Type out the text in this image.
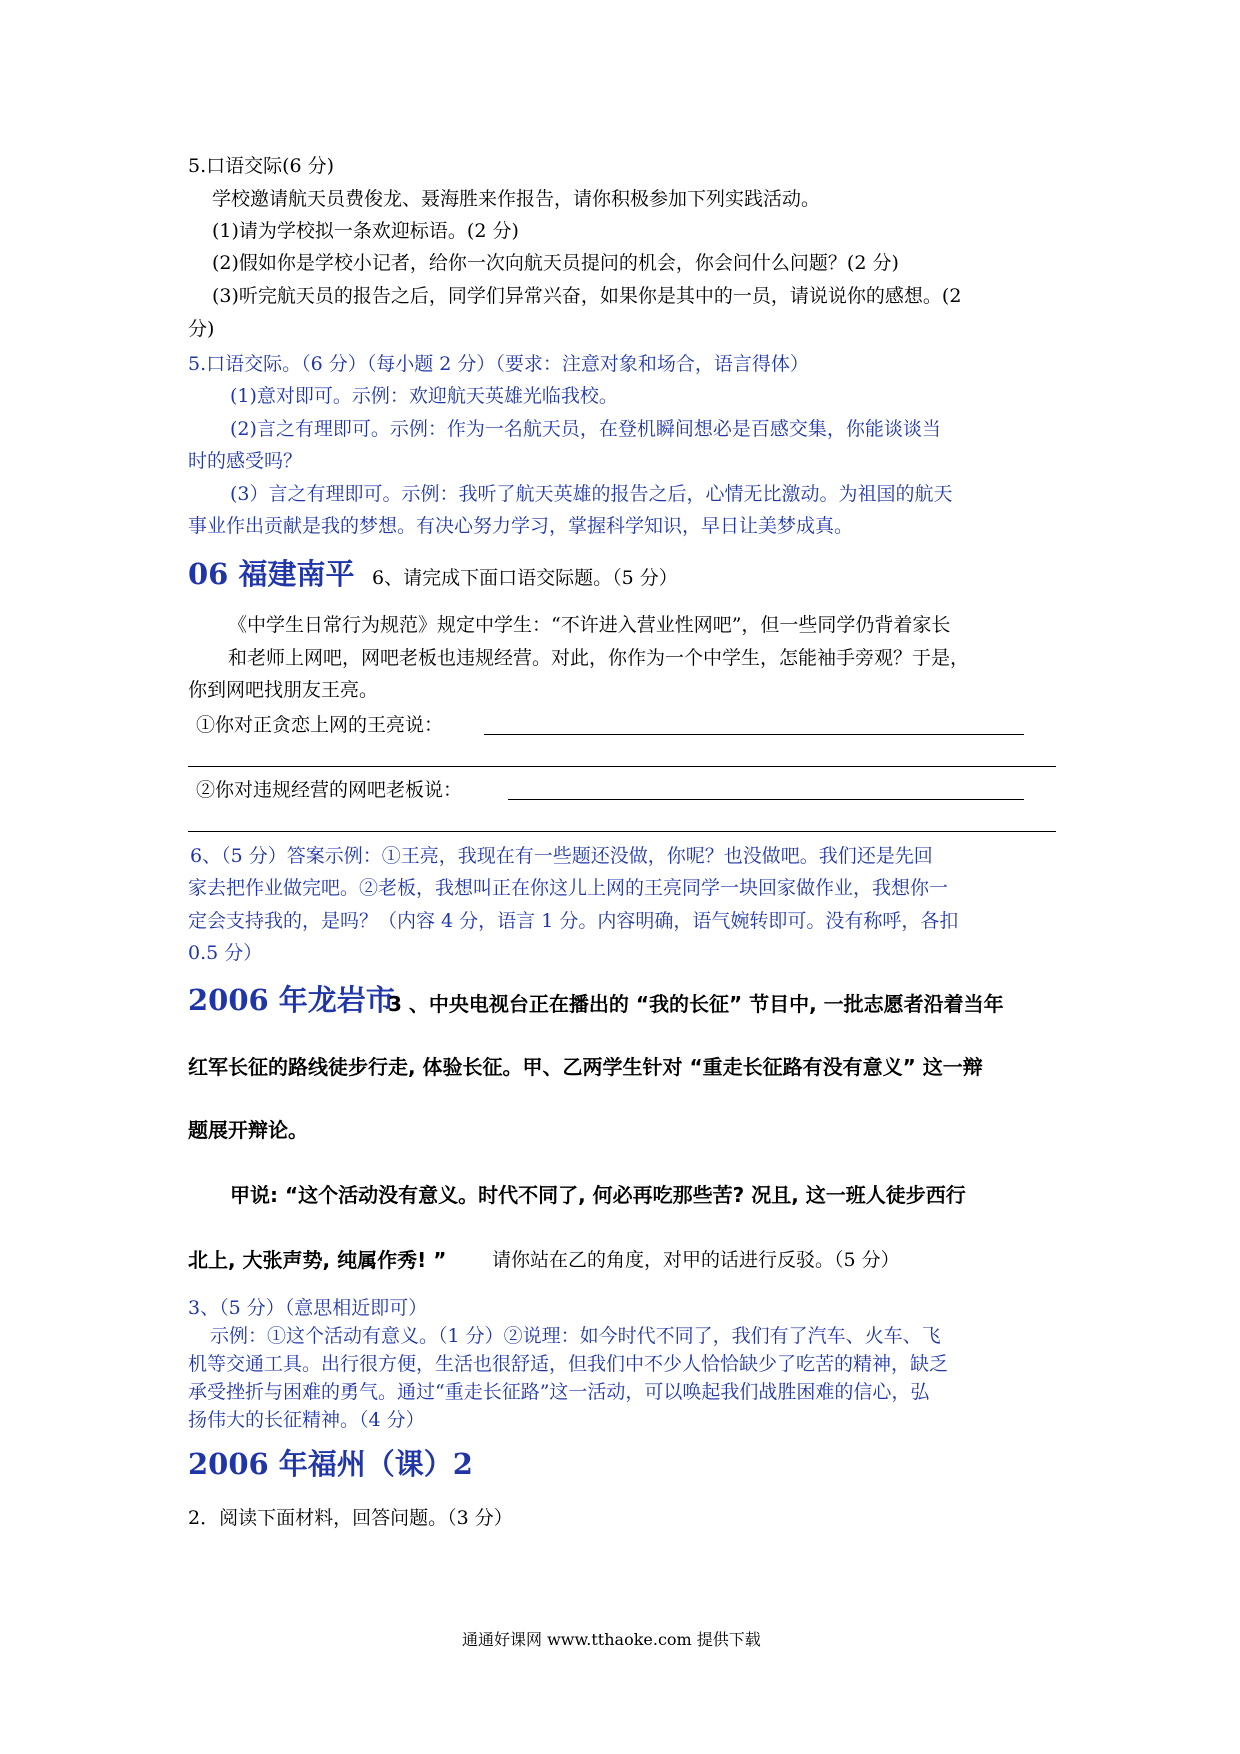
5.口语交际(6 分)
学校邀请航天员费俊龙、聂海胜来作报告，请你积极参加下列实践活动。
(1)请为学校拟一条欢迎标语。(2 分)
(2)假如你是学校小记者，给你一次向航天员提问的机会，你会问什么问题？(2 分)
(3)听完航天员的报告之后，同学们异常兴奋，如果你是其中的一员，请说说你的感想。(2
分)
5.口语交际。（6 分）（每小题 2 分）（要求：注意对象和场合，语言得体）
(1)意对即可。示例：欢迎航天英雄光临我校。
(2)言之有理即可。示例：作为一名航天员，在登机瞬间想必是百感交集，你能谈谈当
时的感受吗？
(3）言之有理即可。示例：我听了航天英雄的报告之后，心情无比激动。为祖国的航天
事业作出贡献是我的梦想。有决心努力学习，掌握科学知识，早日让美梦成真。
06 福建南平 6、请完成下面口语交际题。（5 分）
《中学生日常行为规范》规定中学生：“不许进入营业性网吧”，但一些同学仍背着家长
和老师上网吧，网吧老板也违规经营。对此，你作为一个中学生，怎能袖手旁观？于是，
你到网吧找朋友王亮。
①你对正贪恋上网的王亮说：
②你对违规经营的网吧老板说：
6、（5 分）答案示例：①王亮，我现在有一些题还没做，你呢？也没做吧。我们还是先回
家去把作业做完吧。②老板，我想叫正在你这儿上网的王亮同学一块回家做作业，我想你一
定会支持我的，是吗？（内容 4 分，语言 1 分。内容明确，语气婉转即可。没有称呼，各扣
0.5 分）
2006 年龙岩市
3 、中央电视台正在播出的 “我的长征” 节目中, 一批志愿者沿着当年
红军长征的路线徒步行走, 体验长征。甲、乙两学生针对 “重走长征路有没有意义” 这一辩
题展开辩论。
甲说: “这个活动没有意义。时代不同了, 何必再吃那些苦? 况且, 这一班人徒步西行
北上, 大张声势, 纯属作秀! ” 请你站在乙的角度，对甲的话进行反驳。（5 分）
3、（5 分）（意思相近即可）
示例：①这个活动有意义。（1 分）②说理：如今时代不同了，我们有了汽车、火车、飞
机等交通工具。出行很方便，生活也很舒适，但我们中不少人恰恰缺少了吃苦的精神，缺乏
承受挫折与困难的勇气。通过“重走长征路”这一活动，可以唤起我们战胜困难的信心，弘
扬伟大的长征精神。（4 分）
2006 年福州（课）2
2．阅读下面材料，回答问题。（3 分）
通通好课网 www.tthaoke.com 提供下载
